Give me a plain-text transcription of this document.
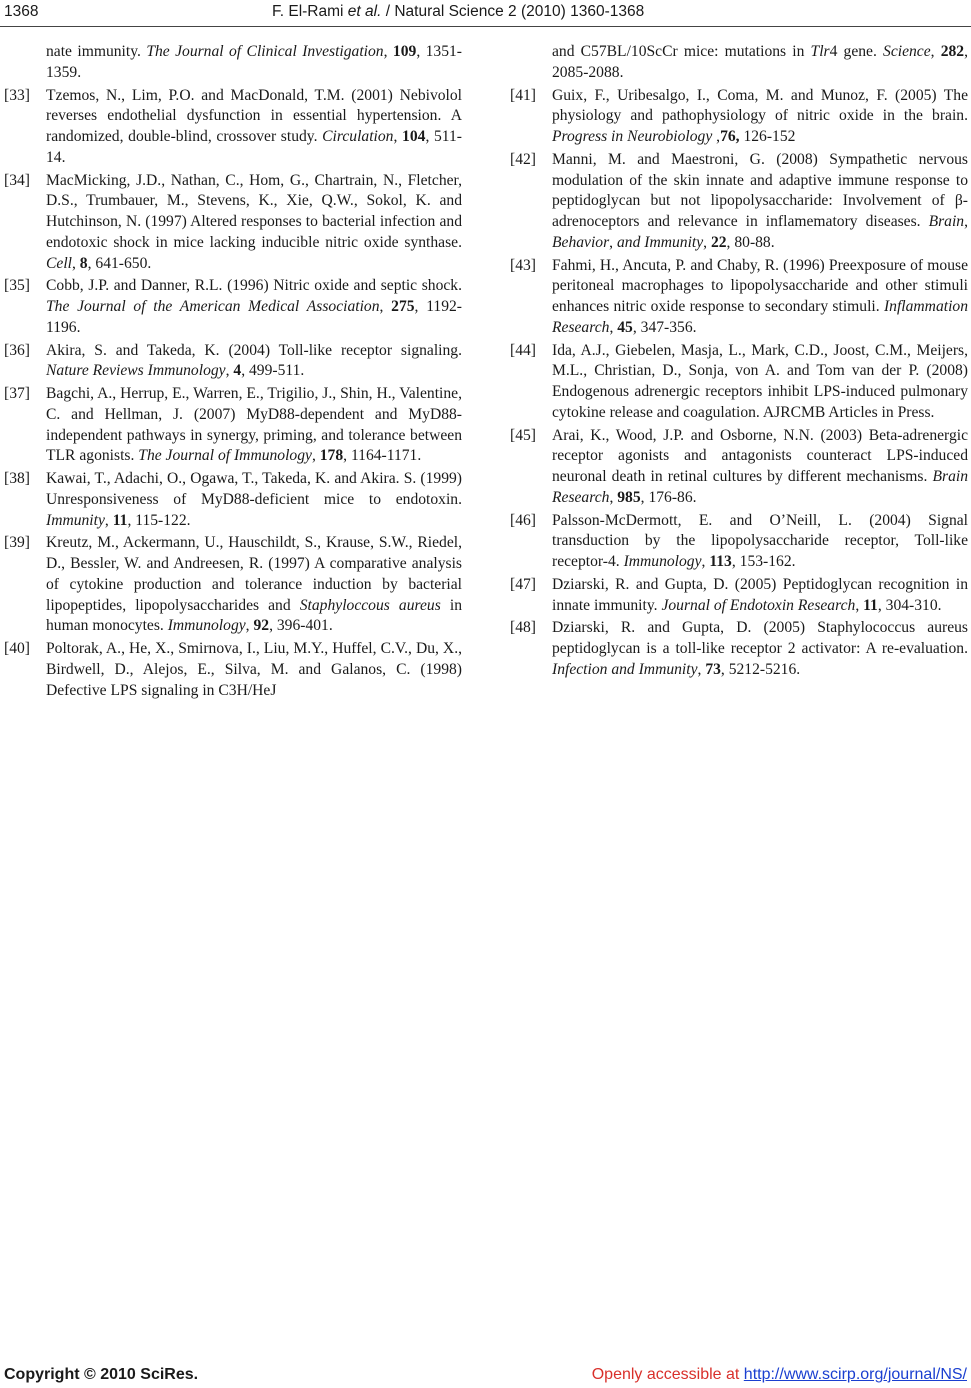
1368	F. El-Rami et al. / Natural Science 2 (2010) 1360-1368
nate immunity. The Journal of Clinical Investigation, 109, 1351-1359.
[33] Tzemos, N., Lim, P.O. and MacDonald, T.M. (2001) Nebivolol reverses endothelial dysfunction in essential hypertension. A randomized, double-blind, crossover study. Circulation, 104, 511-14.
[34] MacMicking, J.D., Nathan, C., Hom, G., Chartrain, N., Fletcher, D.S., Trumbauer, M., Stevens, K., Xie, Q.W., Sokol, K. and Hutchinson, N. (1997) Altered responses to bacterial infection and endotoxic shock in mice lacking inducible nitric oxide synthase. Cell, 8, 641-650.
[35] Cobb, J.P. and Danner, R.L. (1996) Nitric oxide and septic shock. The Journal of the American Medical Association, 275, 1192-1196.
[36] Akira, S. and Takeda, K. (2004) Toll-like receptor signaling. Nature Reviews Immunology, 4, 499-511.
[37] Bagchi, A., Herrup, E., Warren, E., Trigilio, J., Shin, H., Valentine, C. and Hellman, J. (2007) MyD88-dependent and MyD88-independent pathways in synergy, priming, and tolerance between TLR agonists. The Journal of Immunology, 178, 1164-1171.
[38] Kawai, T., Adachi, O., Ogawa, T., Takeda, K. and Akira. S. (1999) Unresponsiveness of MyD88-deficient mice to endotoxin. Immunity, 11, 115-122.
[39] Kreutz, M., Ackermann, U., Hauschildt, S., Krause, S.W., Riedel, D., Bessler, W. and Andreesen, R. (1997) A comparative analysis of cytokine production and tolerance induction by bacterial lipopeptides, lipopolysaccharides and Staphyloccous aureus in human monocytes. Immunology, 92, 396-401.
[40] Poltorak, A., He, X., Smirnova, I., Liu, M.Y., Huffel, C.V., Du, X., Birdwell, D., Alejos, E., Silva, M. and Galanos, C. (1998) Defective LPS signaling in C3H/HeJ
and C57BL/10ScCr mice: mutations in Tlr4 gene. Science, 282, 2085-2088.
[41] Guix, F., Uribesalgo, I., Coma, M. and Munoz, F. (2005) The physiology and pathophysiology of nitric oxide in the brain. Progress in Neurobiology ,76, 126-152
[42] Manni, M. and Maestroni, G. (2008) Sympathetic nervous modulation of the skin innate and adaptive immune response to peptidoglycan but not lipopolysaccharide: Involvement of β-adrenoceptors and relevance in inflamematory diseases. Brain, Behavior, and Immunity, 22, 80-88.
[43] Fahmi, H., Ancuta, P. and Chaby, R. (1996) Preexposure of mouse peritoneal macrophages to lipopolysaccharide and other stimuli enhances nitric oxide response to secondary stimuli. Inflammation Research, 45, 347-356.
[44] Ida, A.J., Giebelen, Masja, L., Mark, C.D., Joost, C.M., Meijers, M.L., Christian, D., Sonja, von A. and Tom van der P. (2008) Endogenous adrenergic receptors inhibit LPS-induced pulmonary cytokine release and coagulation. AJRCMB Articles in Press.
[45] Arai, K., Wood, J.P. and Osborne, N.N. (2003) Beta-adrenergic receptor agonists and antagonists counteract LPS-induced neuronal death in retinal cultures by different mechanisms. Brain Research, 985, 176-86.
[46] Palsson-McDermott, E. and O’Neill, L. (2004) Signal transduction by the lipopolysaccharide receptor, Toll-like receptor-4. Immunology, 113, 153-162.
[47] Dziarski, R. and Gupta, D. (2005) Peptidoglycan recognition in innate immunity. Journal of Endotoxin Research, 11, 304-310.
[48] Dziarski, R. and Gupta, D. (2005) Staphylococcus aureus peptidoglycan is a toll-like receptor 2 activator: A re-evaluation. Infection and Immunity, 73, 5212-5216.
Copyright © 2010 SciRes.	Openly accessible at http://www.scirp.org/journal/NS/
